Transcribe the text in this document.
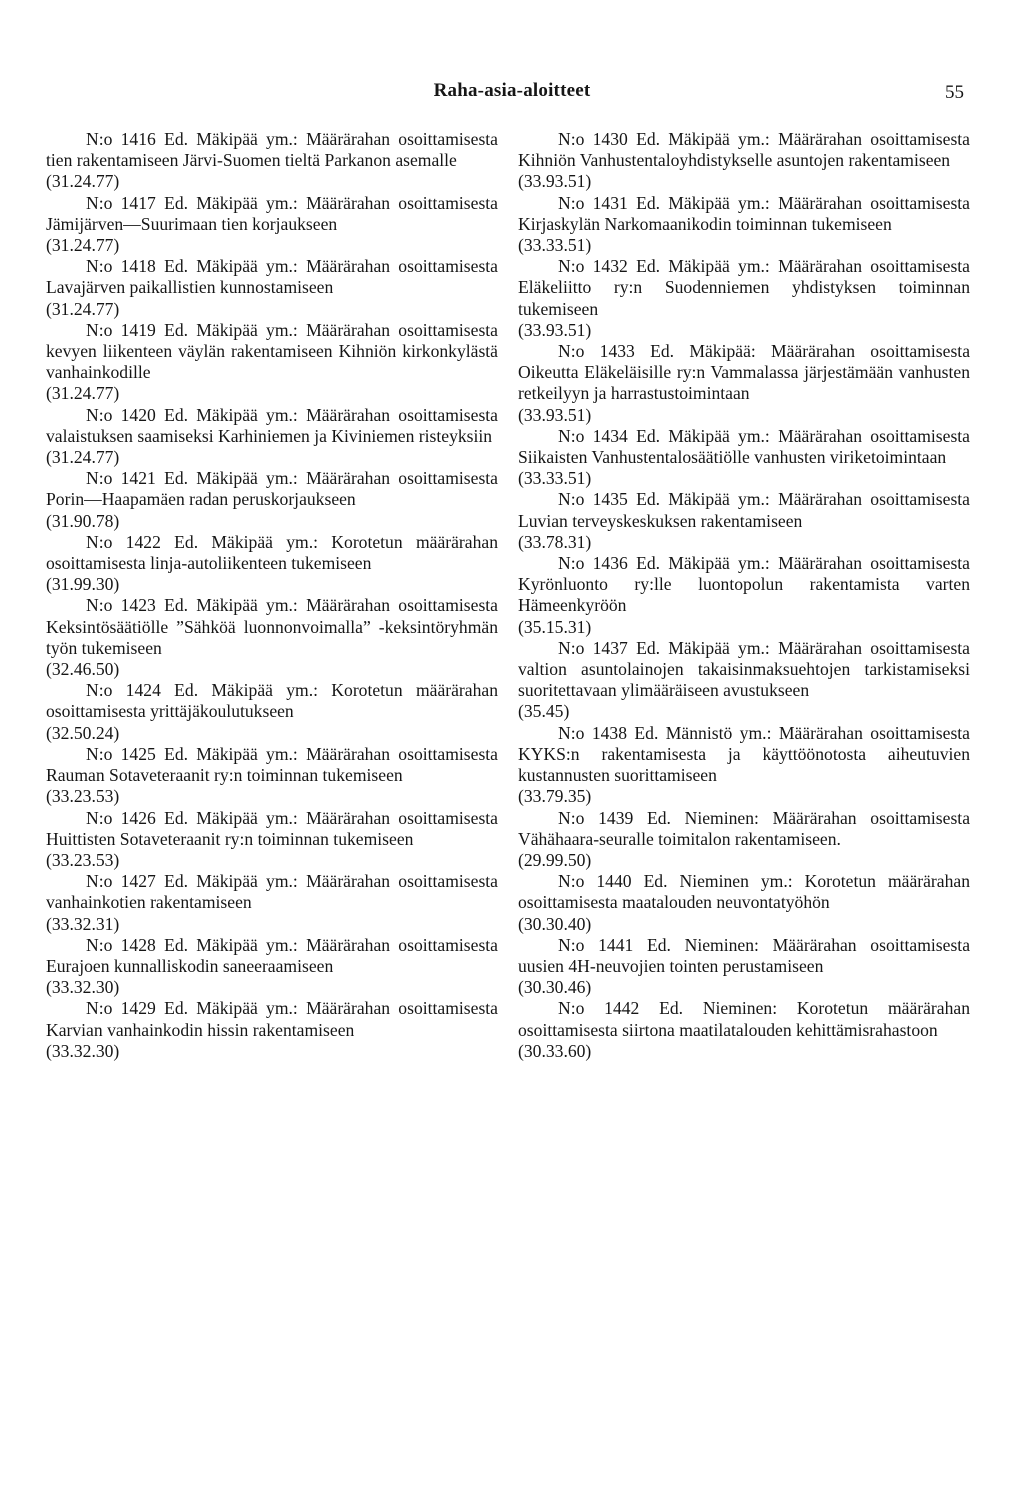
Raha-asia-aloitteet	55

N:o 1416 Ed. Mäkipää ym.: Määrärahan osoittamisesta tien rakentamiseen Järvi-Suomen tieltä Parkanon asemalle

(31.24.77)

N:o 1417 Ed. Mäkipää ym.: Määrärahan osoittamisesta Jämijärven—Suurimaan tien korjaukseen

(31.24.77)

N:o 1418 Ed. Mäkipää ym.: Määrärahan osoittamisesta Lavajärven paikallistien kunnostamiseen

(31.24.77)

N:o 1419 Ed. Mäkipää ym.: Määrärahan osoittamisesta kevyen liikenteen väylän rakentamiseen Kihniön kirkonkylästä vanhainkodille

(31.24.77)

N:o 1420 Ed. Mäkipää ym.: Määrärahan osoittamisesta valaistuksen saamiseksi Karhiniemen ja Kiviniemen risteyksiin

(31.24.77)

N:o 1421 Ed. Mäkipää ym.: Määrärahan osoittamisesta Porin—Haapamäen radan peruskorjaukseen

(31.90.78)

N:o 1422 Ed. Mäkipää ym.: Korotetun määrärahan osoittamisesta linja-autoliikenteen tukemiseen

(31.99.30)

N:o 1423 Ed. Mäkipää ym.: Määrärahan osoittamisesta Keksintösäätiölle ”Sähköä luonnonvoimalla” -keksintöryhmän työn tukemiseen

(32.46.50)

N:o 1424 Ed. Mäkipää ym.: Korotetun määrärahan osoittamisesta yrittäjäkoulutukseen

(32.50.24)

N:o 1425 Ed. Mäkipää ym.: Määrärahan osoittamisesta Rauman Sotaveteraanit ry:n toiminnan tukemiseen

(33.23.53)

N:o 1426 Ed. Mäkipää ym.: Määrärahan osoittamisesta Huittisten Sotaveteraanit ry:n toiminnan tukemiseen

(33.23.53)

N:o 1427 Ed. Mäkipää ym.: Määrärahan osoittamisesta vanhainkotien rakentamiseen

(33.32.31)

N:o 1428 Ed. Mäkipää ym.: Määrärahan osoittamisesta Eurajoen kunnalliskodin saneeraamiseen

(33.32.30)

N:o 1429 Ed. Mäkipää ym.: Määrärahan osoittamisesta Karvian vanhainkodin hissin rakentamiseen

(33.32.30)

N:o 1430 Ed. Mäkipää ym.: Määrärahan osoittamisesta Kihniön Vanhustentaloyhdistykselle asuntojen rakentamiseen

(33.93.51)

N:o 1431 Ed. Mäkipää ym.: Määrärahan osoittamisesta Kirjaskylän Narkomaanikodin toiminnan tukemiseen

(33.33.51)

N:o 1432 Ed. Mäkipää ym.: Määrärahan osoittamisesta Eläkeliitto ry:n Suodenniemen yhdistyksen toiminnan tukemiseen

(33.93.51)

N:o 1433 Ed. Mäkipää: Määrärahan osoittamisesta Oikeutta Eläkeläisille ry:n Vammalassa järjestämään vanhusten retkeilyyn ja harrastustoimintaan

(33.93.51)

N:o 1434 Ed. Mäkipää ym.: Määrärahan osoittamisesta Siikaisten Vanhustentalosäätiölle vanhusten viriketoimintaan

(33.33.51)

N:o 1435 Ed. Mäkipää ym.: Määrärahan osoittamisesta Luvian terveyskeskuksen rakentamiseen

(33.78.31)

N:o 1436 Ed. Mäkipää ym.: Määrärahan osoittamisesta Kyrönluonto ry:lle luontopolun rakentamista varten Hämeenkyröön

(35.15.31)

N:o 1437 Ed. Mäkipää ym.: Määrärahan osoittamisesta valtion asuntolainojen takaisinmaksuehtojen tarkistamiseksi suoritettavaan ylimääräiseen avustukseen

(35.45)

N:o 1438 Ed. Männistö ym.: Määrärahan osoittamisesta KYKS:n rakentamisesta ja käyttöönotosta aiheutuvien kustannusten suorittamiseen

(33.79.35)

N:o 1439 Ed. Nieminen: Määrärahan osoittamisesta Vähähaara-seuralle toimitalon rakentamiseen.

(29.99.50)

N:o 1440 Ed. Nieminen ym.: Korotetun määrärahan osoittamisesta maatalouden neuvontatyöhön

(30.30.40)

N:o 1441 Ed. Nieminen: Määrärahan osoittamisesta uusien 4H-neuvojien tointen perustamiseen

(30.30.46)

N:o 1442 Ed. Nieminen: Korotetun määrärahan osoittamisesta siirtona maatilatalouden kehittämisrahastoon

(30.33.60)
